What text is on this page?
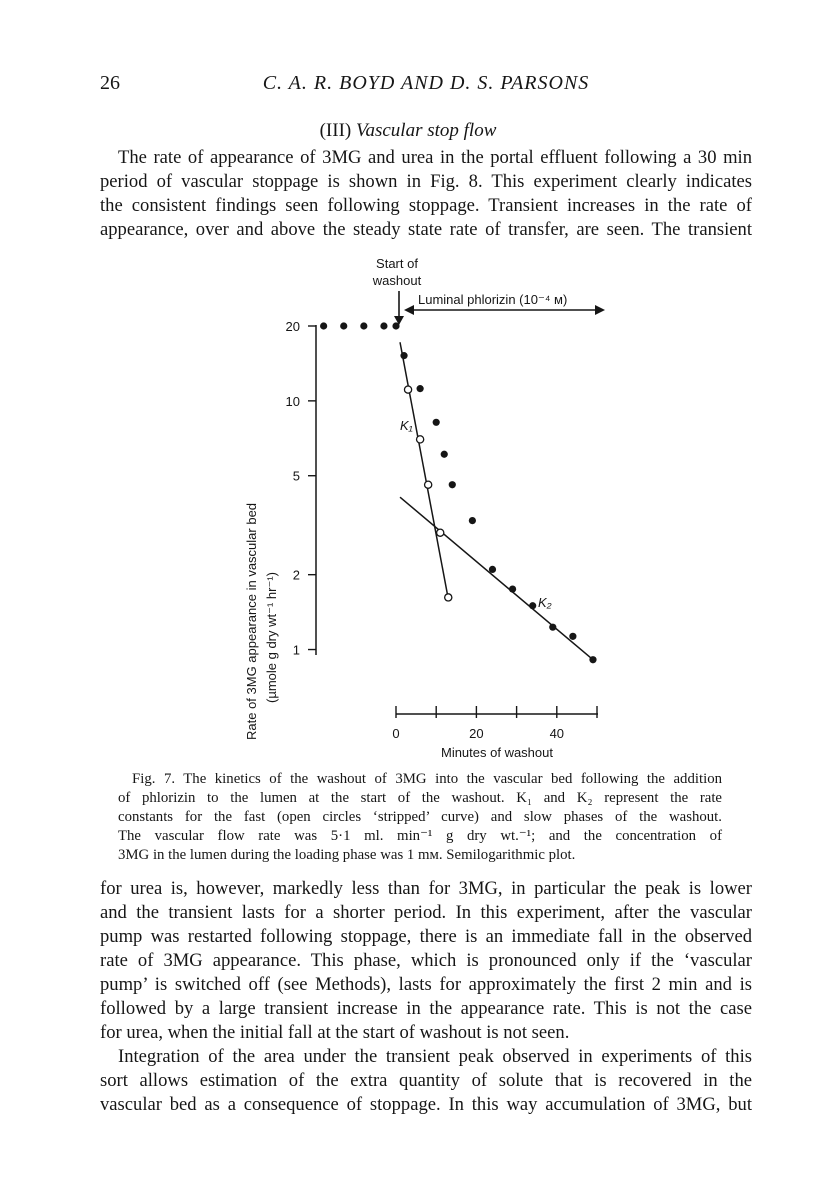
26	C. A. R. BOYD AND D. S. PARSONS
(III) Vascular stop flow

The rate of appearance of 3MG and urea in the portal effluent following a 30 min
period of vascular stoppage is shown in Fig. 8. This experiment clearly indicates
the consistent findings seen following stoppage. Transient increases in the rate of
appearance, over and above the steady state rate of transfer, are seen. The transient

Start of
washout
Luminal phlorizin (10⁻⁴ ᴍ)
K₁
K₂
1
2
5
10
20
Rate of 3MG appearance in vascular bed (µmole g dry wt⁻¹ hr⁻¹)
Minutes of washout
0	20	40

Fig. 7. The kinetics of the washout of 3MG into the vascular bed following the addition
of phlorizin to the lumen at the start of the washout. K₁ and K₂ represent the rate
constants for the fast (open circles ‘stripped’ curve) and slow phases of the washout.
The vascular flow rate was 5·1 ml. min⁻¹ g dry wt.⁻¹; and the concentration of
3MG in the lumen during the loading phase was 1 mᴍ. Semilogarithmic plot.

for urea is, however, markedly less than for 3MG, in particular the peak is lower
and the transient lasts for a shorter period. In this experiment, after the vascular
pump was restarted following stoppage, there is an immediate fall in the observed
rate of 3MG appearance. This phase, which is pronounced only if the ‘vascular
pump’ is switched off (see Methods), lasts for approximately the first 2 min and is
followed by a large transient increase in the appearance rate. This is not the case
for urea, when the initial fall at the start of washout is not seen.

Integration of the area under the transient peak observed in experiments of this
sort allows estimation of the extra quantity of solute that is recovered in the
vascular bed as a consequence of stoppage. In this way accumulation of 3MG, but
